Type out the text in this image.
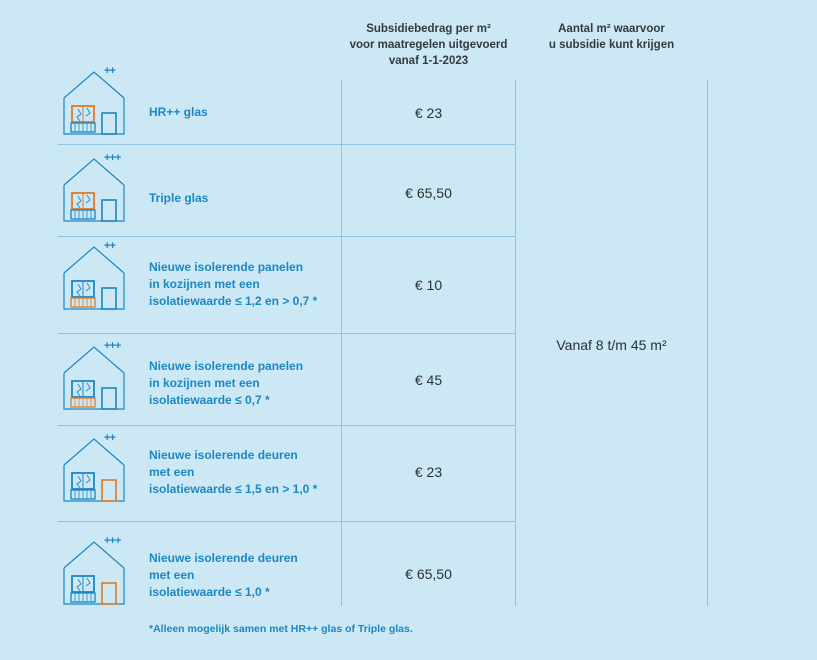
Subsidiebedrag per m²
voor maatregelen uitgevoerd
vanaf 1-1-2023
Aantal m² waarvoor
u subsidie kunt krijgen
++
HR++ glas	€ 23
+++
Triple glas	€ 65,50
++
Nieuwe isolerende panelen
in kozijnen met een
isolatiewaarde ≤ 1,2 en > 0,7 *
€ 10
+++
Nieuwe isolerende panelen
in kozijnen met een
isolatiewaarde ≤ 0,7 *
€ 45
++
Nieuwe isolerende deuren
met een
isolatiewaarde ≤ 1,5 en > 1,0 *
€ 23
+++
Nieuwe isolerende deuren
met een
isolatiewaarde ≤ 1,0 *
€ 65,50
Vanaf 8 t/m 45 m²
*Alleen mogelijk samen met HR++ glas of Triple glas.
